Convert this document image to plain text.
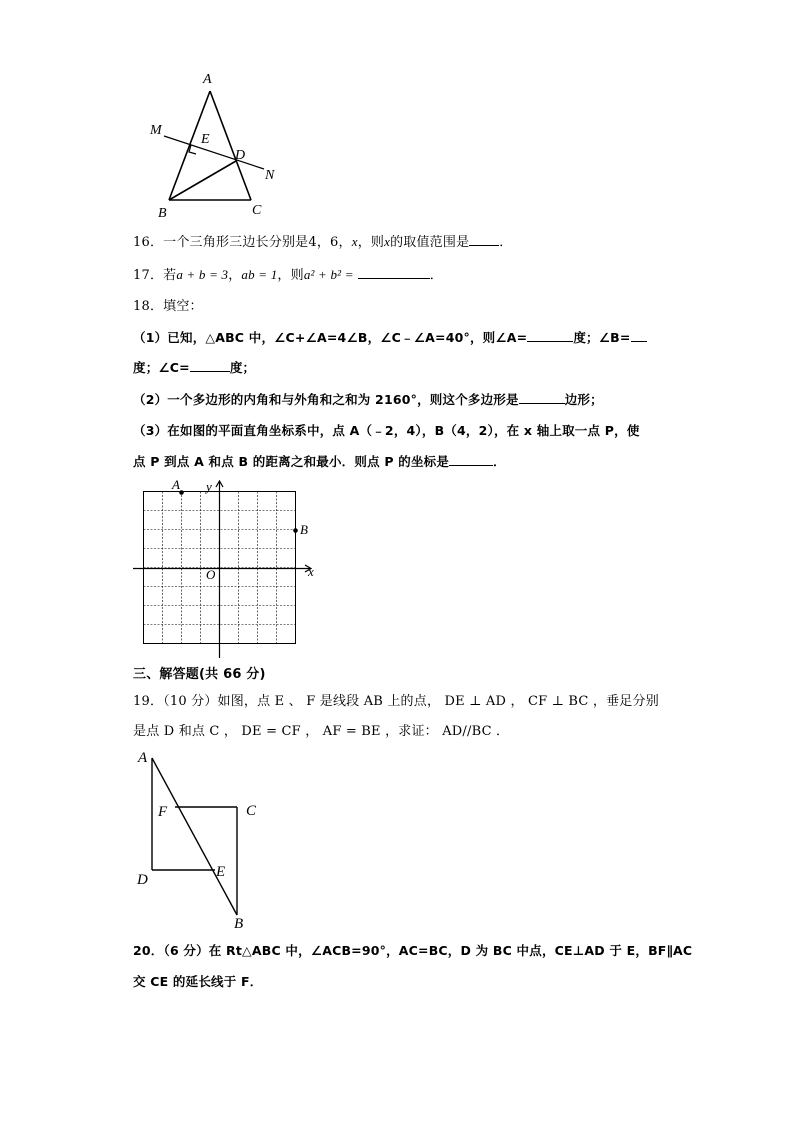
A
M
E
D
N
B	C
16．一个三角形三边长分别是4，6，x，则x的取值范围是 ．
17．若a + b = 3，ab = 1，则a² + b² =	．
18．填空：
（1）已知，△ABC 中，∠C+∠A=4∠B，∠C﹣∠A=40°，则∠A=	度；∠B=
度；∠C=	度；
（2）一个多边形的内角和与外角和之和为 2160°，则这个多边形是	边形；
（3）在如图的平面直角坐标系中，点 A（﹣2，4），B（4，2），在 x 轴上取一点 P，使
点 P 到点 A 和点 B 的距离之和最小．则点 P 的坐标是	．
A
B
O	x
y
三、解答题(共 66 分)
19．（10 分）如图，点 E 、 F 是线段 AB 上的点， DE ⊥ AD ， CF ⊥ BC ，垂足分别
是点 D 和点 C ， DE = CF ， AF = BE ，求证： AD//BC ．
A
F	C
E
D
B
20．（6 分）在 Rt△ABC 中，∠ACB=90°，AC=BC，D 为 BC 中点，CE⊥AD 于 E，BF∥AC
交 CE 的延长线于 F．
